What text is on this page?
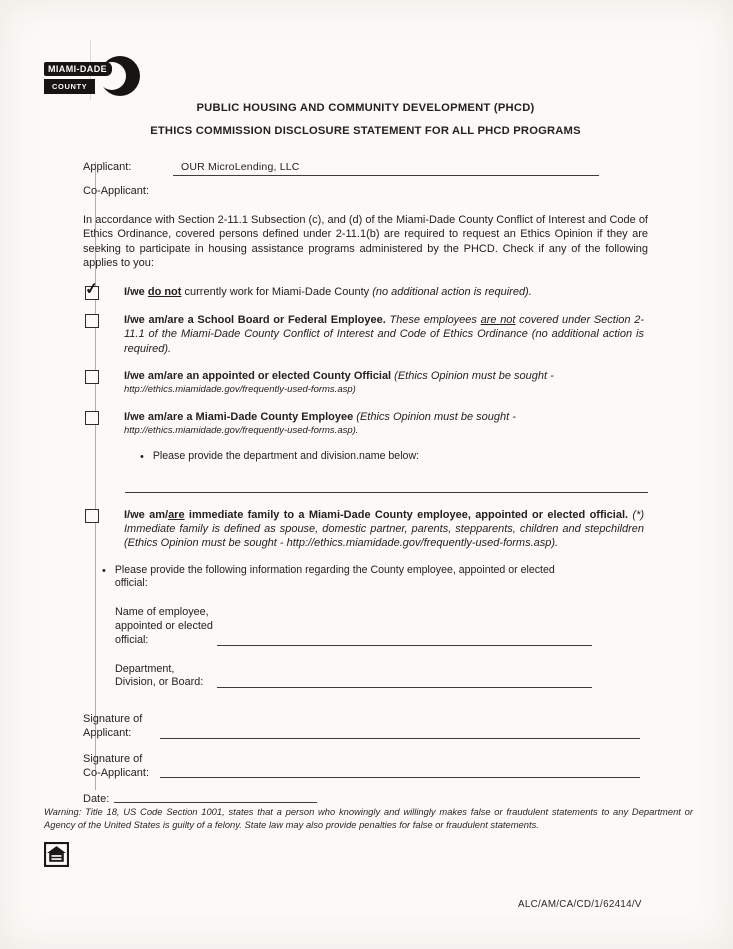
MIAMI-DADE
COUNTY
PUBLIC HOUSING AND COMMUNITY DEVELOPMENT (PHCD)
ETHICS COMMISSION DISCLOSURE STATEMENT FOR ALL PHCD PROGRAMS
Applicant:	OUR MicroLending, LLC
Co-Applicant:
In accordance with Section 2-11.1 Subsection (c), and (d) of the Miami-Dade County Conflict of Interest and Code of Ethics Ordinance, covered persons defined under 2-11.1(b) are required to request an Ethics Opinion if they are seeking to participate in housing assistance programs administered by the PHCD. Check if any of the following applies to you:
✓ I/we do not currently work for Miami-Dade County (no additional action is required).
I/we am/are a School Board or Federal Employee. These employees are not covered under Section 2-11.1 of the Miami-Dade County Conflict of Interest and Code of Ethics Ordinance (no additional action is required).
I/we am/are an appointed or elected County Official (Ethics Opinion must be sought -
http://ethics.miamidade.gov/frequently-used-forms.asp)
I/we am/are a Miami-Dade County Employee (Ethics Opinion must be sought -
http://ethics.miamidade.gov/frequently-used-forms.asp).
• Please provide the department and division.name below:
I/we am/are immediate family to a Miami-Dade County employee, appointed or elected official. (*) Immediate family is defined as spouse, domestic partner, parents, stepparents, children and stepchildren (Ethics Opinion must be sought - http://ethics.miamidade.gov/frequently-used-forms.asp).
• Please provide the following information regarding the County employee, appointed or elected official:
Name of employee,
appointed or elected
official:
Department,
Division, or Board:
Signature of
Applicant:
Signature of
Co-Applicant:
Date:
Warning: Title 18, US Code Section 1001, states that a person who knowingly and willingly makes false or fraudulent statements to any Department or Agency of the United States is guilty of a felony. State law may also provide penalties for false or fraudulent statements.
ALC/AM/CA/CD/1/62414/V
